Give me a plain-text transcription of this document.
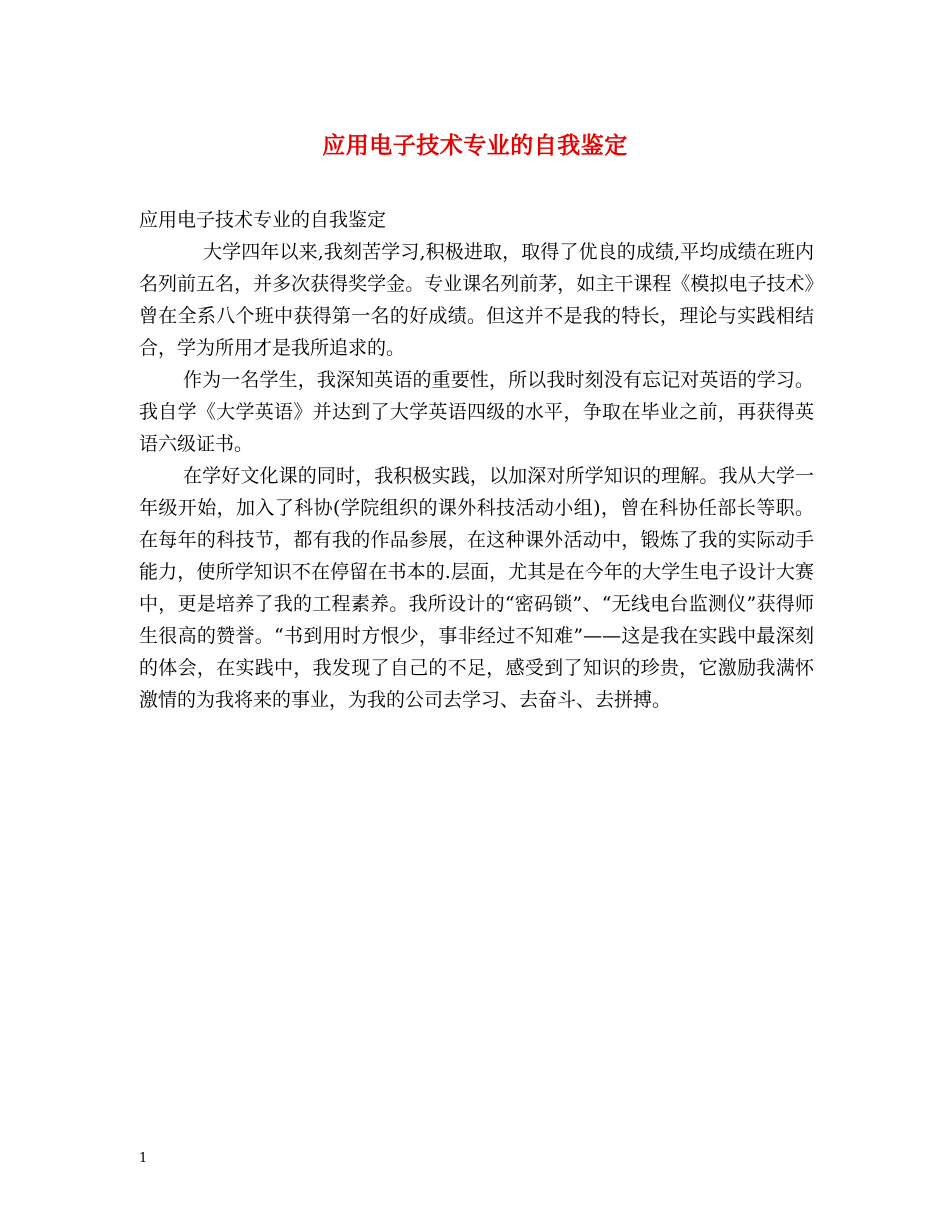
应用电子技术专业的自我鉴定

应用电子技术专业的自我鉴定

大学四年以来,我刻苦学习,积极进取，取得了优良的成绩,平均成绩在班内名列前五名，并多次获得奖学金。专业课名列前茅，如主干课程《模拟电子技术》曾在全系八个班中获得第一名的好成绩。但这并不是我的特长，理论与实践相结合，学为所用才是我所追求的。

作为一名学生，我深知英语的重要性，所以我时刻没有忘记对英语的学习。我自学《大学英语》并达到了大学英语四级的水平，争取在毕业之前，再获得英语六级证书。

在学好文化课的同时，我积极实践，以加深对所学知识的理解。我从大学一年级开始，加入了科协(学院组织的课外科技活动小组)，曾在科协任部长等职。在每年的科技节，都有我的作品参展，在这种课外活动中，锻炼了我的实际动手能力，使所学知识不在停留在书本的.层面，尤其是在今年的大学生电子设计大赛中，更是培养了我的工程素养。我所设计的“密码锁”、“无线电台监测仪”获得师生很高的赞誉。“书到用时方恨少，事非经过不知难”——这是我在实践中最深刻的体会，在实践中，我发现了自己的不足，感受到了知识的珍贵，它激励我满怀激情的为我将来的事业，为我的公司去学习、去奋斗、去拼搏。

1
